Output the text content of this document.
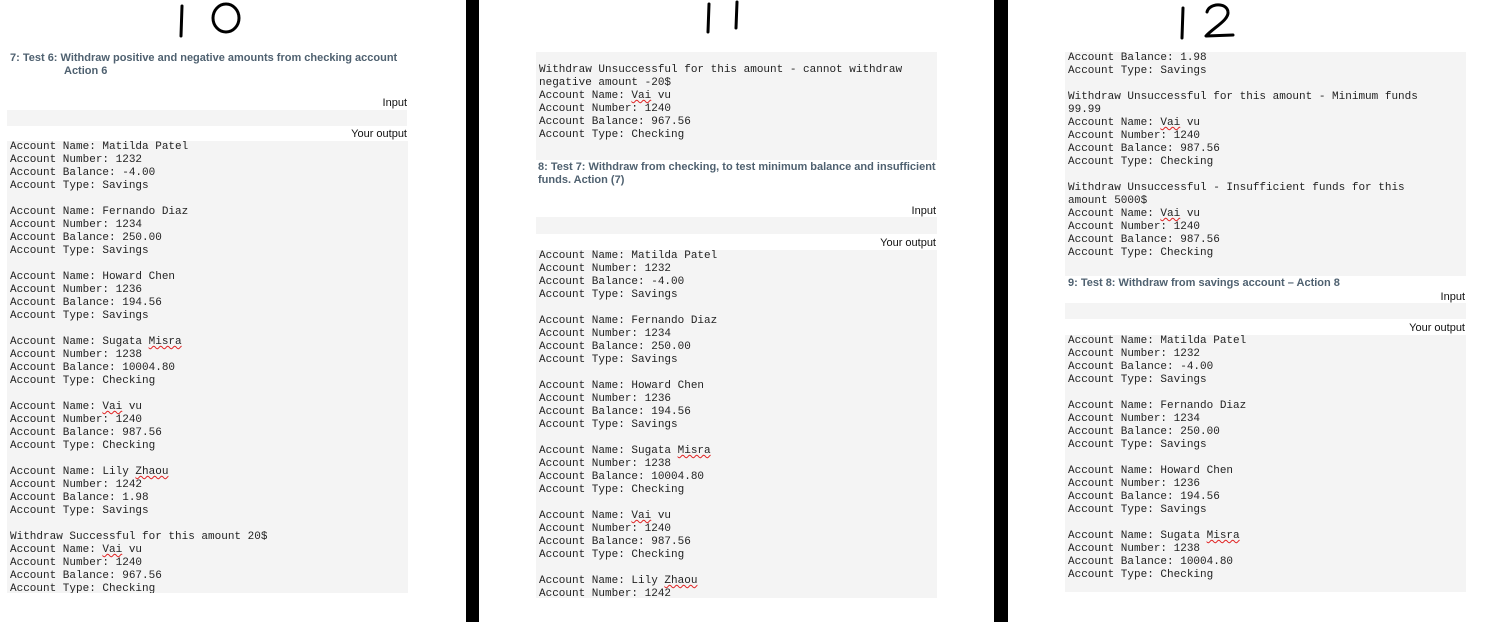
7: Test 6: Withdraw positive and negative amounts from checking account
Action 6
Input

Your output
Account Name: Matilda Patel
Account Number: 1232
Account Balance: -4.00
Account Type: Savings
Account Name: Fernando Diaz
Account Number: 1234
Account Balance: 250.00
Account Type: Savings
Account Name: Howard Chen
Account Number: 1236
Account Balance: 194.56
Account Type: Savings
Account Name: Sugata Misra
Account Number: 1238
Account Balance: 10004.80
Account Type: Checking
Account Name: Vai vu
Account Number: 1240
Account Balance: 987.56
Account Type: Checking
Account Name: Lily Zhaou
Account Number: 1242
Account Balance: 1.98
Account Type: Savings
Withdraw Successful for this amount 20$
Account Name: Vai vu
Account Number: 1240
Account Balance: 967.56
Account Type: Checking
Withdraw Unsuccessful for this amount - cannot withdraw
negative amount -20$
Account Name: Vai vu
Account Number: 1240
Account Balance: 967.56
Account Type: Checking
8: Test 7: Withdraw from checking, to test minimum balance and insufficient funds. Action (7)
Input

Your output
Account Name: Matilda Patel
Account Number: 1232
Account Balance: -4.00
Account Type: Savings
Account Name: Fernando Diaz
Account Number: 1234
Account Balance: 250.00
Account Type: Savings
Account Name: Howard Chen
Account Number: 1236
Account Balance: 194.56
Account Type: Savings
Account Name: Sugata Misra
Account Number: 1238
Account Balance: 10004.80
Account Type: Checking
Account Name: Vai vu
Account Number: 1240
Account Balance: 987.56
Account Type: Checking
Account Name: Lily Zhaou
Account Number: 1242
Account Balance: 1.98
Account Type: Savings
Withdraw Unsuccessful for this amount - Minimum funds
99.99
Account Name: Vai vu
Account Number: 1240
Account Balance: 987.56
Account Type: Checking
Withdraw Unsuccessful - Insufficient funds for this
amount 5000$
Account Name: Vai vu
Account Number: 1240
Account Balance: 987.56
Account Type: Checking
9: Test 8: Withdraw from savings account – Action 8
Input

Your output
Account Name: Matilda Patel
Account Number: 1232
Account Balance: -4.00
Account Type: Savings
Account Name: Fernando Diaz
Account Number: 1234
Account Balance: 250.00
Account Type: Savings
Account Name: Howard Chen
Account Number: 1236
Account Balance: 194.56
Account Type: Savings
Account Name: Sugata Misra
Account Number: 1238
Account Balance: 10004.80
Account Type: Checking
